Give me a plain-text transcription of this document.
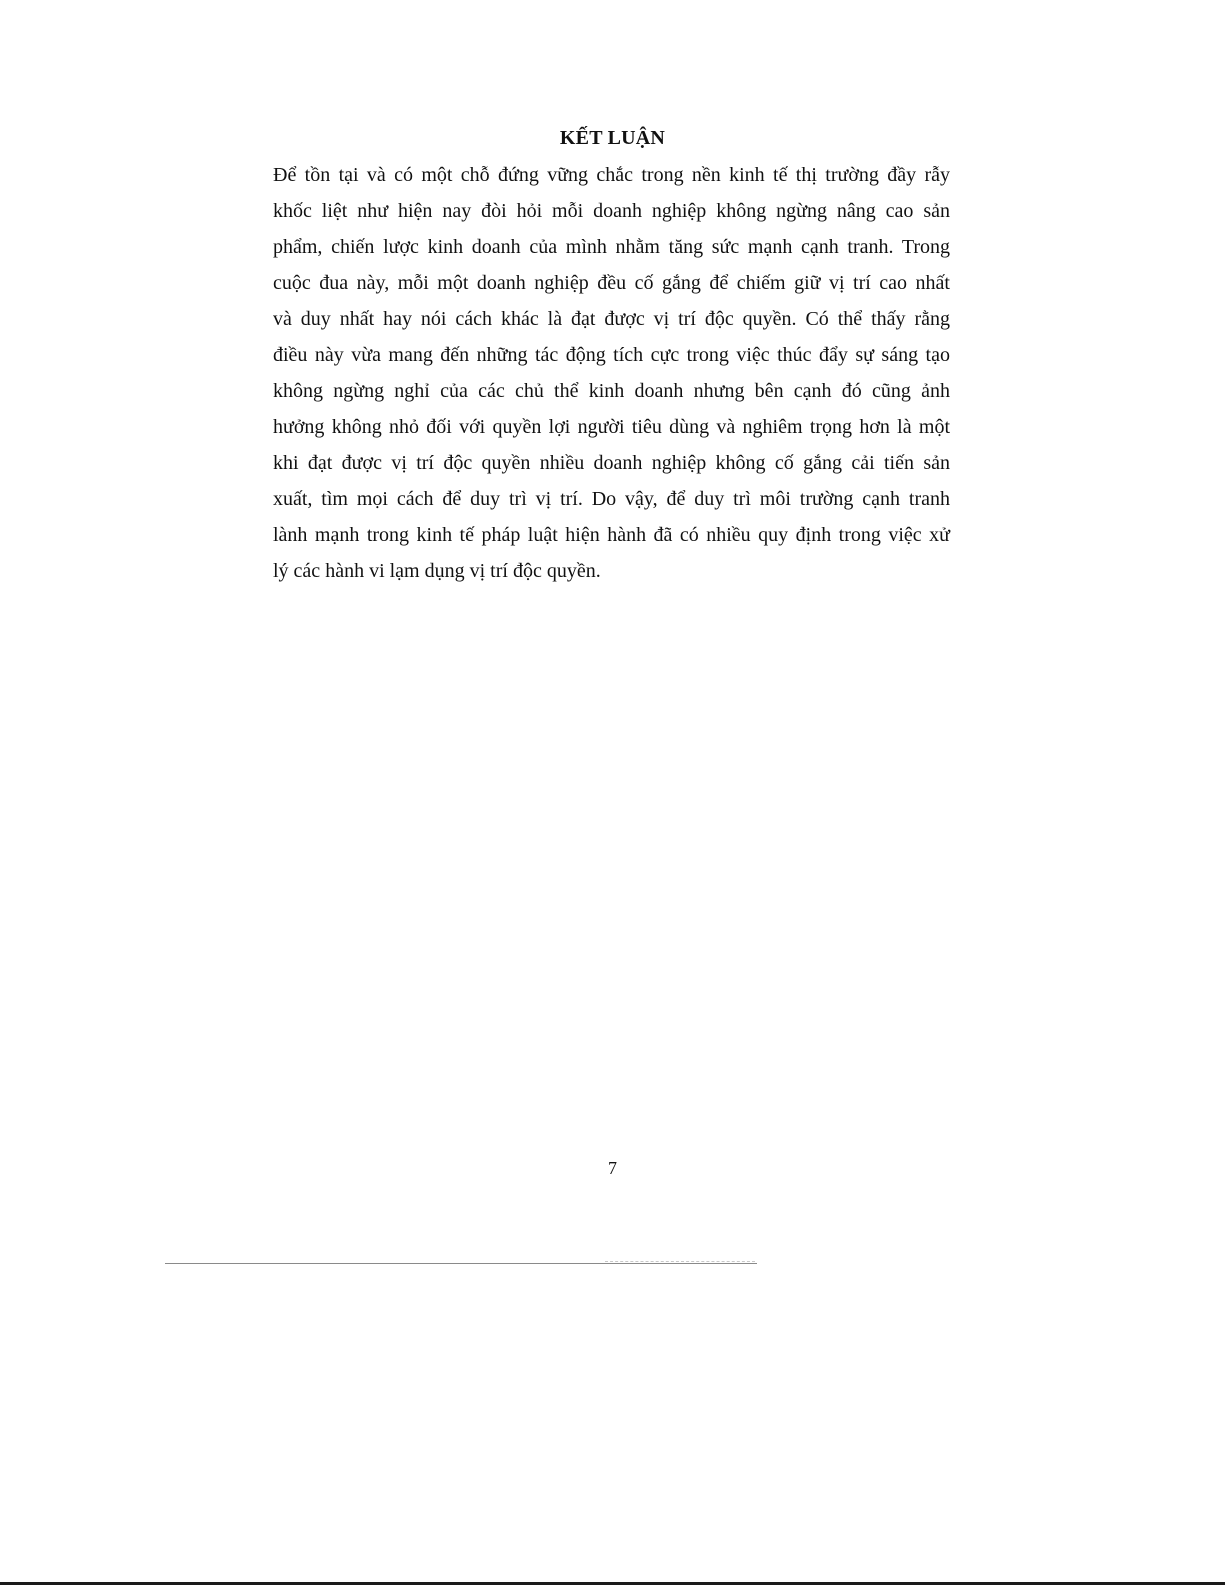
KẾT LUẬN
Để tồn tại và có một chỗ đứng vững chắc trong nền kinh tế thị trường đầy rẫy
khốc liệt như hiện nay đòi hỏi mỗi doanh nghiệp không ngừng nâng cao sản
phẩm, chiến lược kinh doanh của mình nhằm tăng sức mạnh cạnh tranh. Trong
cuộc đua này, mỗi một doanh nghiệp đều cố gắng để chiếm giữ vị trí cao nhất
và duy nhất hay nói cách khác là đạt được vị trí độc quyền. Có thể thấy rằng
điều này vừa mang đến những tác động tích cực trong việc thúc đẩy sự sáng tạo
không ngừng nghỉ của các chủ thể kinh doanh nhưng bên cạnh đó cũng ảnh
hưởng không nhỏ đối với quyền lợi người tiêu dùng và nghiêm trọng hơn là một
khi đạt được vị trí độc quyền nhiều doanh nghiệp không cố gắng cải tiến sản
xuất, tìm mọi cách để duy trì vị trí. Do vậy, để duy trì môi trường cạnh tranh
lành mạnh trong kinh tế pháp luật hiện hành đã có nhiều quy định trong việc xử
lý các hành vi lạm dụng vị trí độc quyền.
7
